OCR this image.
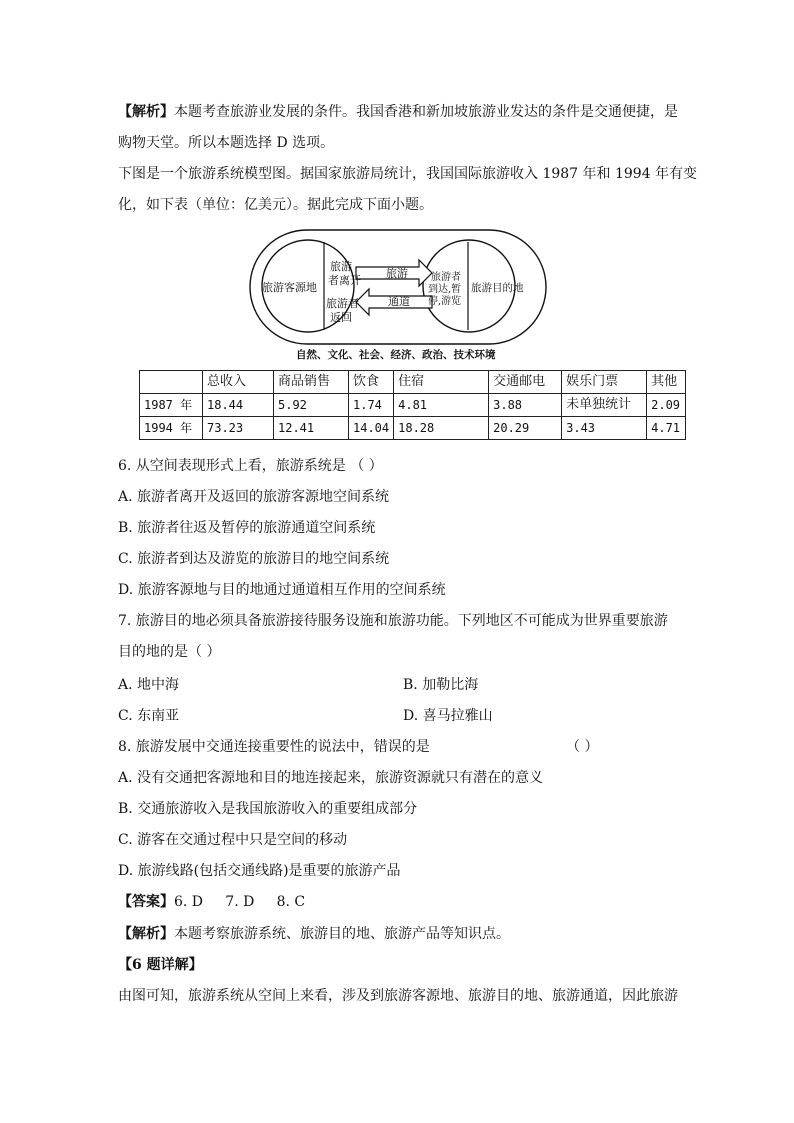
【解析】本题考查旅游业发展的条件。我国香港和新加坡旅游业发达的条件是交通便捷，是
购物天堂。所以本题选择 D 选项。
下图是一个旅游系统模型图。据国家旅游局统计，我国国际旅游收入 1987 年和 1994 年有变
化，如下表（单位：亿美元）。据此完成下面小题。
旅游客源地
旅游
者离开
旅游者
返回
旅游
通道
旅游者
到达,暂
停,游览
旅游目的地
自然、文化、社会、经济、政治、技术环境
	总收入	商品销售	饮食	住宿	交通邮电	娱乐门票	其他
1987 年	18.44	5.92	1.74	4.81	3.88	未单独统计	2.09
1994 年	73.23	12.41	14.04	18.28	20.29	3.43	4.71
6. 从空间表现形式上看，旅游系统是 （ ）
A. 旅游者离开及返回的旅游客源地空间系统
B. 旅游者往返及暂停的旅游通道空间系统
C. 旅游者到达及游览的旅游目的地空间系统
D. 旅游客源地与目的地通过通道相互作用的空间系统
7. 旅游目的地必须具备旅游接待服务设施和旅游功能。下列地区不可能成为世界重要旅游
目的地的是（ ）
A. 地中海	B. 加勒比海
C. 东南亚	D. 喜马拉雅山
8. 旅游发展中交通连接重要性的说法中，错误的是	（ ）
A. 没有交通把客源地和目的地连接起来，旅游资源就只有潜在的意义
B. 交通旅游收入是我国旅游收入的重要组成部分
C. 游客在交通过程中只是空间的移动
D. 旅游线路(包括交通线路)是重要的旅游产品
【答案】6. D     7. D     8. C
【解析】本题考察旅游系统、旅游目的地、旅游产品等知识点。
【6 题详解】
由图可知，旅游系统从空间上来看，涉及到旅游客源地、旅游目的地、旅游通道，因此旅游
